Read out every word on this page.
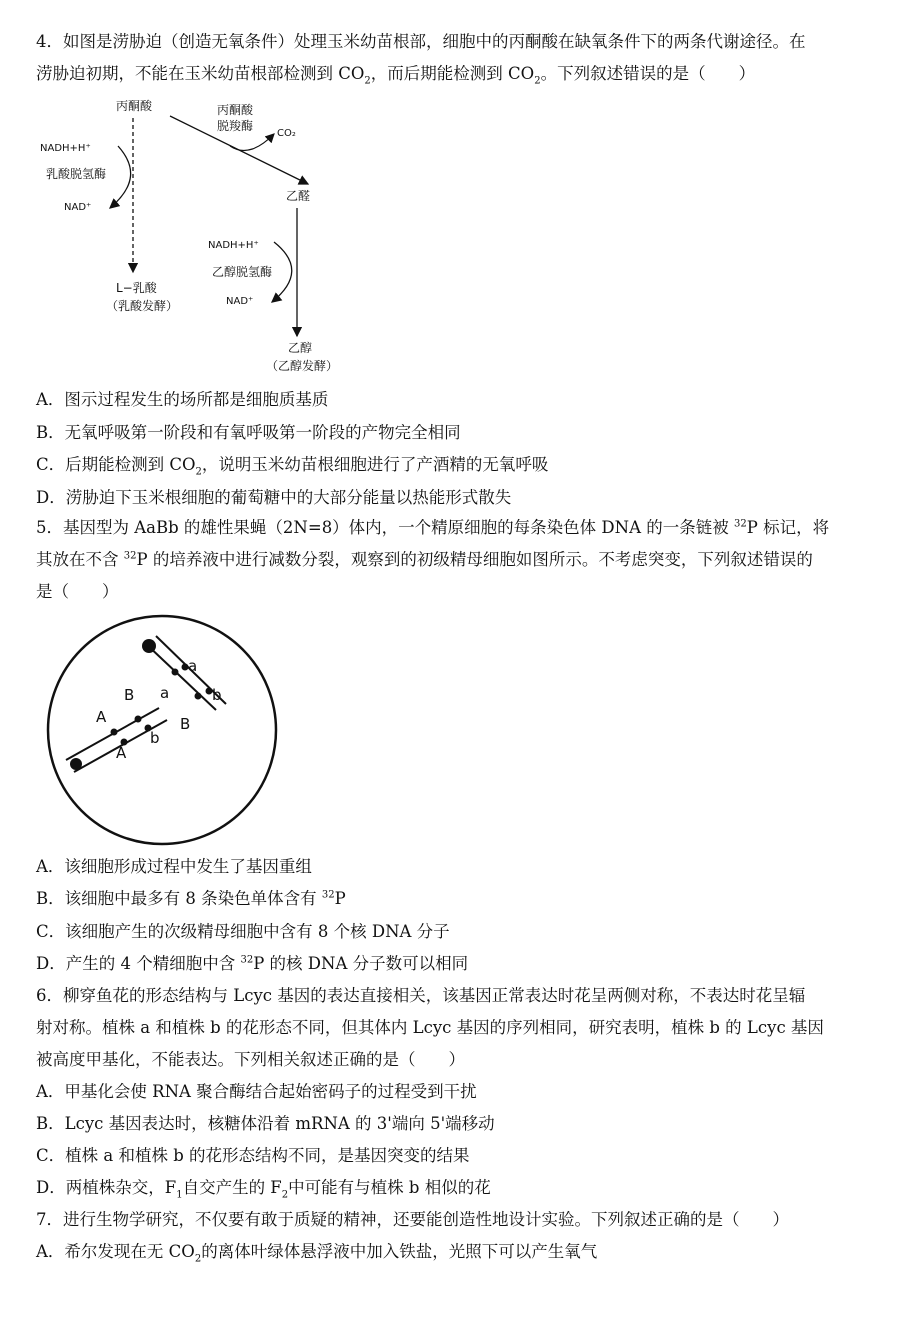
4．如图是涝胁迫（创造无氧条件）处理玉米幼苗根部，细胞中的丙酮酸在缺氧条件下的两条代谢途径。在
涝胁迫初期，不能在玉米幼苗根部检测到 $CO_2$，而后期能检测到 $CO_2$。下列叙述错误的是（　　）
丙酮酸	丙酮酸
脱羧酶
CO₂
NADH+H⁺
乳酸脱氢酶
NAD⁺
L−乳酸
（乳酸发酵）
乙醛
NADH+H⁺
乙醇脱氢酶
NAD⁺
乙醇
（乙醇发酵）
A．图示过程发生的场所都是细胞质基质
B．无氧呼吸第一阶段和有氧呼吸第一阶段的产物完全相同
C．后期能检测到 $CO_2$，说明玉米幼苗根细胞进行了产酒精的无氧呼吸
D．涝胁迫下玉米根细胞的葡萄糖中的大部分能量以热能形式散失
5．基因型为 AaBb 的雄性果蝇（2N=8）体内，一个精原细胞的每条染色体 DNA 的一条链被 $^{32}$P 标记，将
其放在不含 $^{32}$P 的培养液中进行减数分裂，观察到的初级精母细胞如图所示。不考虑突变，下列叙述错误的
是（　　）
A
A
B
b
a
a
B
b
A．该细胞形成过程中发生了基因重组
B．该细胞中最多有 8 条染色单体含有 $^{32}$P
C．该细胞产生的次级精母细胞中含有 8 个核 DNA 分子
D．产生的 4 个精细胞中含 $^{32}$P 的核 DNA 分子数可以相同
6．柳穿鱼花的形态结构与 Lcyc 基因的表达直接相关，该基因正常表达时花呈两侧对称，不表达时花呈辐
射对称。植株 a 和植株 b 的花形态不同，但其体内 Lcyc 基因的序列相同，研究表明，植株 b 的 Lcyc 基因
被高度甲基化，不能表达。下列相关叙述正确的是（　　）
A．甲基化会使 RNA 聚合酶结合起始密码子的过程受到干扰
B．Lcyc 基因表达时，核糖体沿着 mRNA 的 3'端向 5'端移动
C．植株 a 和植株 b 的花形态结构不同，是基因突变的结果
D．两植株杂交，$F_1$自交产生的 $F_2$中可能有与植株 b 相似的花
7．进行生物学研究，不仅要有敢于质疑的精神，还要能创造性地设计实验。下列叙述正确的是（　　）
A．希尔发现在无 $CO_2$的离体叶绿体悬浮液中加入铁盐，光照下可以产生氧气
